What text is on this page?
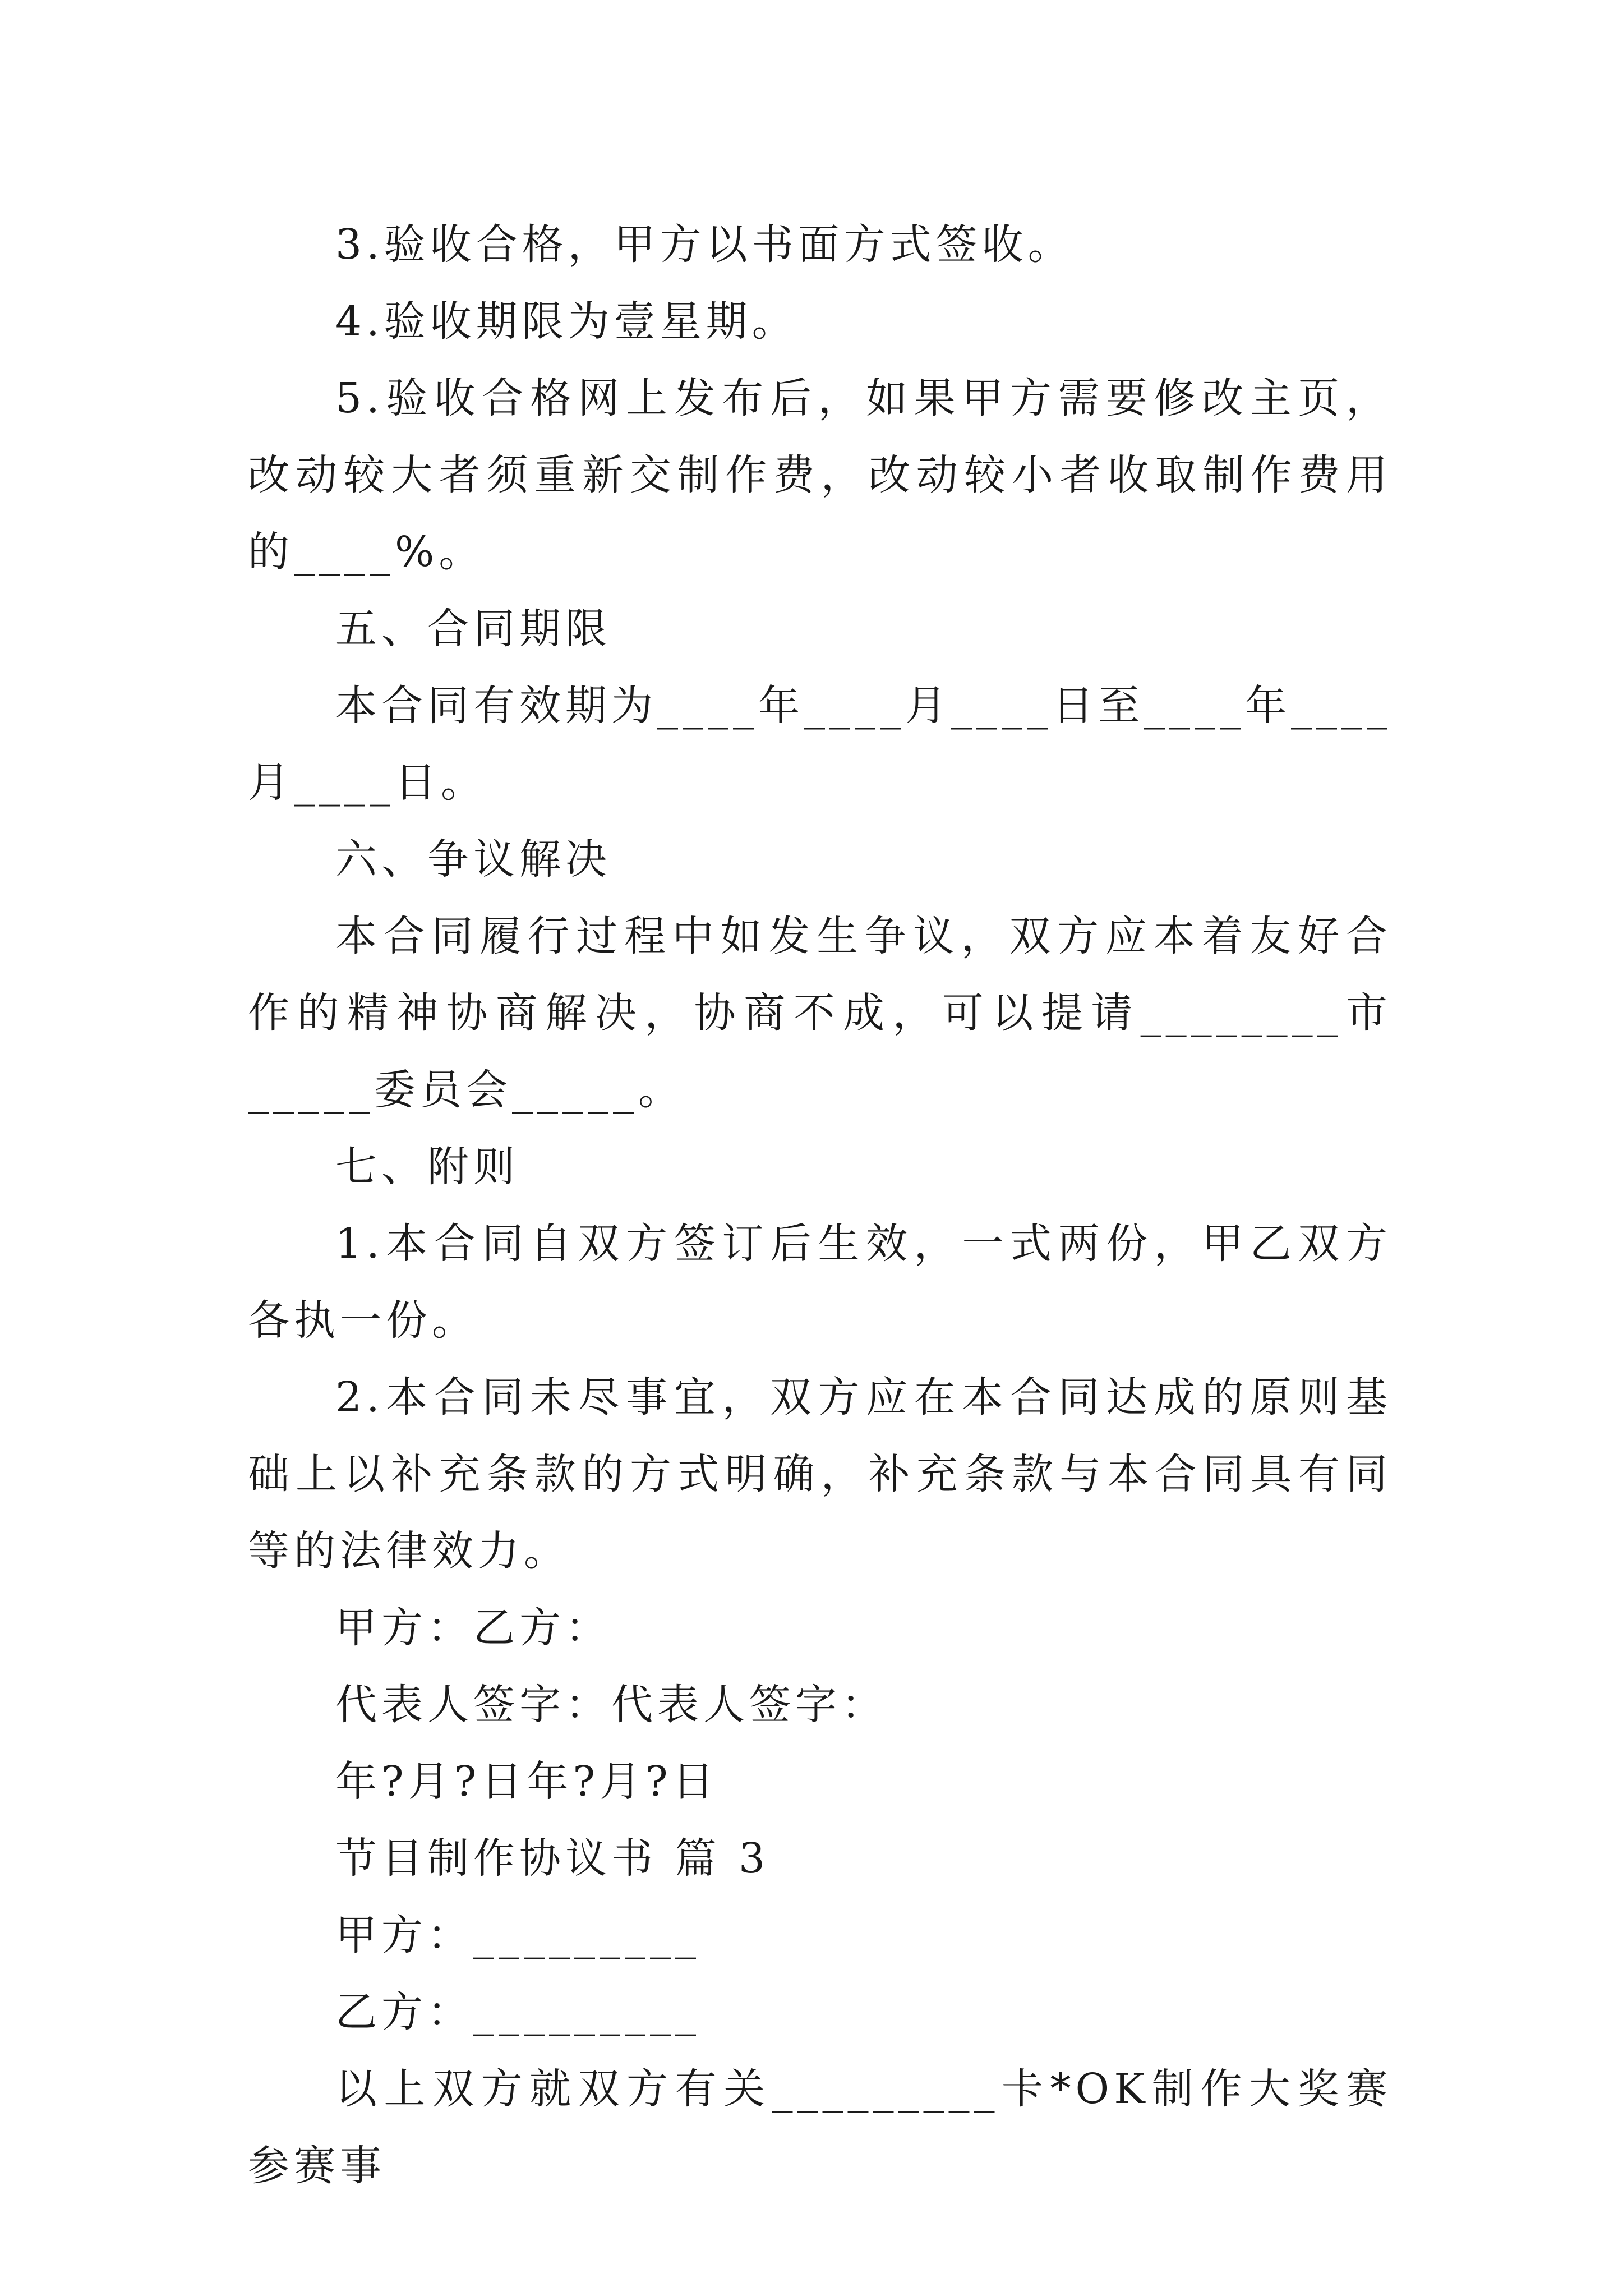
3.验收合格，甲方以书面方式签收。

4.验收期限为壹星期。

5.验收合格网上发布后，如果甲方需要修改主页，改动较大者须重新交制作费，改动较小者收取制作费用的____%。

五、合同期限

本合同有效期为____年____月____日至____年____月____日。

六、争议解决

本合同履行过程中如发生争议，双方应本着友好合作的精神协商解决，协商不成，可以提请________市_____委员会_____。

七、附则

1.本合同自双方签订后生效，一式两份，甲乙双方各执一份。

2.本合同未尽事宜，双方应在本合同达成的原则基础上以补充条款的方式明确，补充条款与本合同具有同等的法律效力。

甲方：乙方：

代表人签字：代表人签字：

年?月?日年?月?日

节目制作协议书 篇 3

甲方：_________

乙方：_________

以上双方就双方有关_________卡*OK制作大奖赛参赛事
